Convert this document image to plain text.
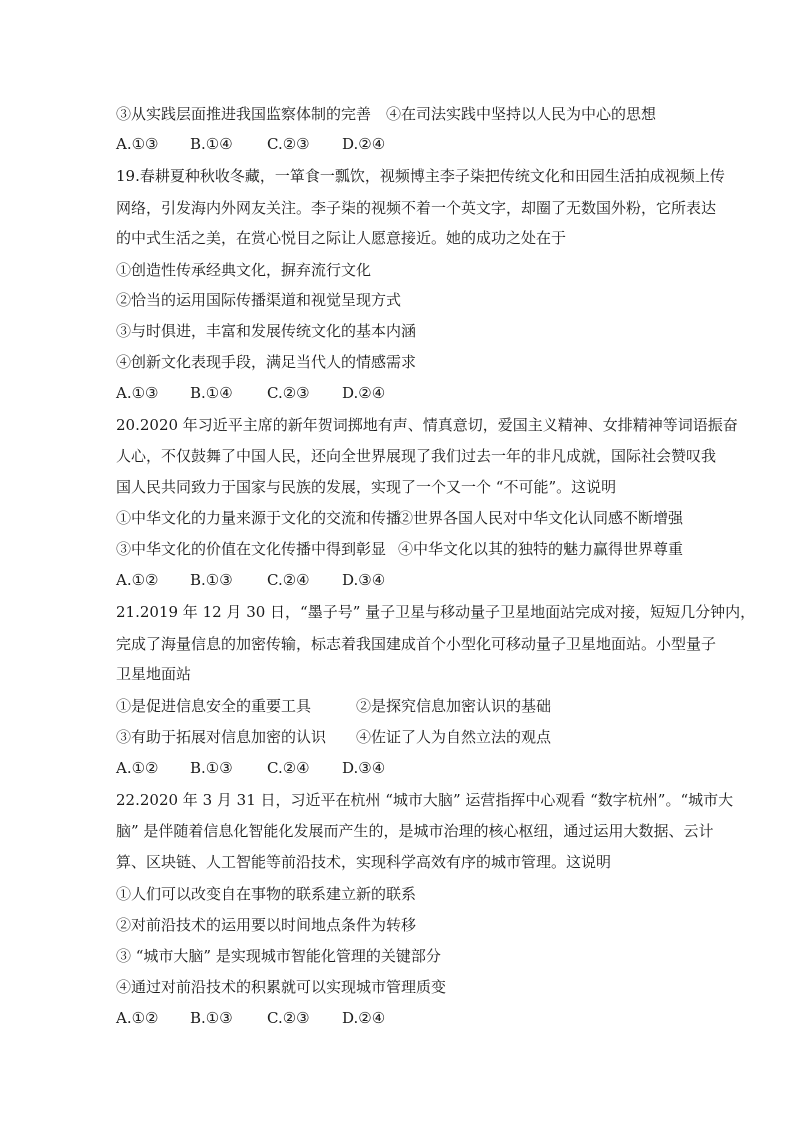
③从实践层面推进我国监察体制的完善　④在司法实践中坚持以人民为中心的思想
A.①③ B.①④ C.②③ D.②④
19.春耕夏种秋收冬藏，一箪食一瓢饮，视频博主李子柒把传统文化和田园生活拍成视频上传
网络，引发海内外网友关注。李子柒的视频不着一个英文字，却圈了无数国外粉，它所表达
的中式生活之美，在赏心悦目之际让人愿意接近。她的成功之处在于
①创造性传承经典文化，摒弃流行文化
②恰当的运用国际传播渠道和视觉呈现方式
③与时俱进，丰富和发展传统文化的基本内涵
④创新文化表现手段，满足当代人的情感需求
A.①③ B.①④ C.②③ D.②④
20.2020 年习近平主席的新年贺词掷地有声、情真意切，爱国主义精神、女排精神等词语振奋
人心，不仅鼓舞了中国人民，还向全世界展现了我们过去一年的非凡成就，国际社会赞叹我
国人民共同致力于国家与民族的发展，实现了一个又一个 “不可能”。这说明
①中华文化的力量来源于文化的交流和传播
②世界各国人民对中华文化认同感不断增强
③中华文化的价值在文化传播中得到彰显 ④中华文化以其的独特的魅力赢得世界尊重
A.①② B.①③ C.②④ D.③④
21.2019 年 12 月 30 日，“墨子号” 量子卫星与移动量子卫星地面站完成对接，短短几分钟内，
完成了海量信息的加密传输，标志着我国建成首个小型化可移动量子卫星地面站。小型量子
卫星地面站
①是促进信息安全的重要工具	②是探究信息加密认识的基础
③有助于拓展对信息加密的认识 ④佐证了人为自然立法的观点
A.①② B.①③ C.②④ D.③④
22.2020 年 3 月 31 日，习近平在杭州 “城市大脑” 运营指挥中心观看 “数字杭州”。“城市大
脑” 是伴随着信息化智能化发展而产生的，是城市治理的核心枢纽，通过运用大数据、云计
算、区块链、人工智能等前沿技术，实现科学高效有序的城市管理。这说明
①人们可以改变自在事物的联系建立新的联系
②对前沿技术的运用要以时间地点条件为转移
③ “城市大脑” 是实现城市智能化管理的关键部分
④通过对前沿技术的积累就可以实现城市管理质变
A.①② B.①③ C.②③ D.②④
